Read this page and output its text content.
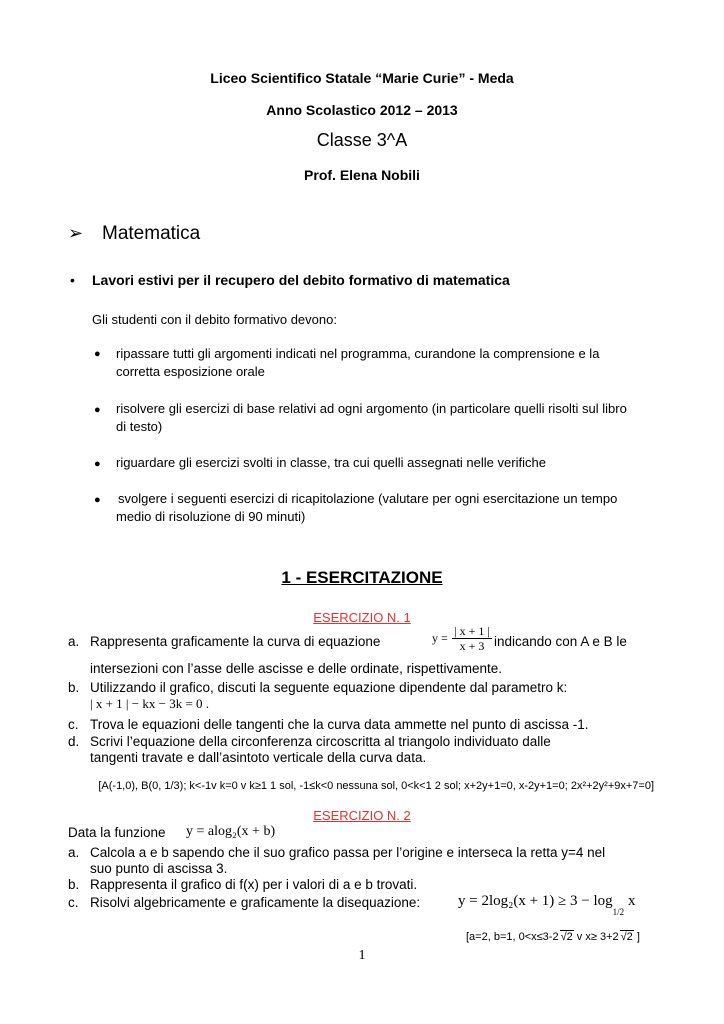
Liceo Scientifico Statale “Marie Curie” - Meda
Anno Scolastico 2012 – 2013
Classe 3^A
Prof. Elena Nobili
➢ Matematica
• Lavori estivi per il recupero del debito formativo di matematica
Gli studenti con il debito formativo devono:
● ripassare tutti gli argomenti indicati nel programma, curandone la comprensione e la
corretta esposizione orale
● risolvere gli esercizi di base relativi ad ogni argomento (in particolare quelli risolti sul libro
di testo)
● riguardare gli esercizi svolti in classe, tra cui quelli assegnati nelle verifiche
● svolgere i seguenti esercizi di ricapitolazione (valutare per ogni esercitazione un tempo
medio di risoluzione di 90 minuti)
1 - ESERCITAZIONE
ESERCIZIO N. 1
a. Rappresenta graficamente la curva di equazione	$y = \frac{| x + 1 |}{x + 3}$ indicando con A e B le
intersezioni con l’asse delle ascisse e delle ordinate, rispettivamente.
b. Utilizzando il grafico, discuti la seguente equazione dipendente dal parametro k:
| x + 1 | − kx − 3k = 0 .
c. Trova le equazioni delle tangenti che la curva data ammette nel punto di ascissa -1.
d. Scrivi l’equazione della circonferenza circoscritta al triangolo individuato dalle
tangenti travate e dall’asintoto verticale della curva data.
[A(-1,0), B(0, 1/3); k<-1v k=0 v k≥1 1 sol, -1≤k<0 nessuna sol, 0<k<1 2 sol; x+2y+1=0, x-2y+1=0; 2x²+2y²+9x+7=0]
ESERCIZIO N. 2
Data la funzione y = alog₂(x + b)
a. Calcola a e b sapendo che il suo grafico passa per l’origine e interseca la retta y=4 nel
suo punto di ascissa 3.
b. Rappresenta il grafico di f(x) per i valori di a e b trovati.
c. Risolvi algebricamente e graficamente la disequazione:	$y = 2\log_2(x + 1) \ge 3 - \log_{1/2} x$
[a=2, b=1, 0<x≤3-2 √2 v x≥ 3+2 √2 ]
1
